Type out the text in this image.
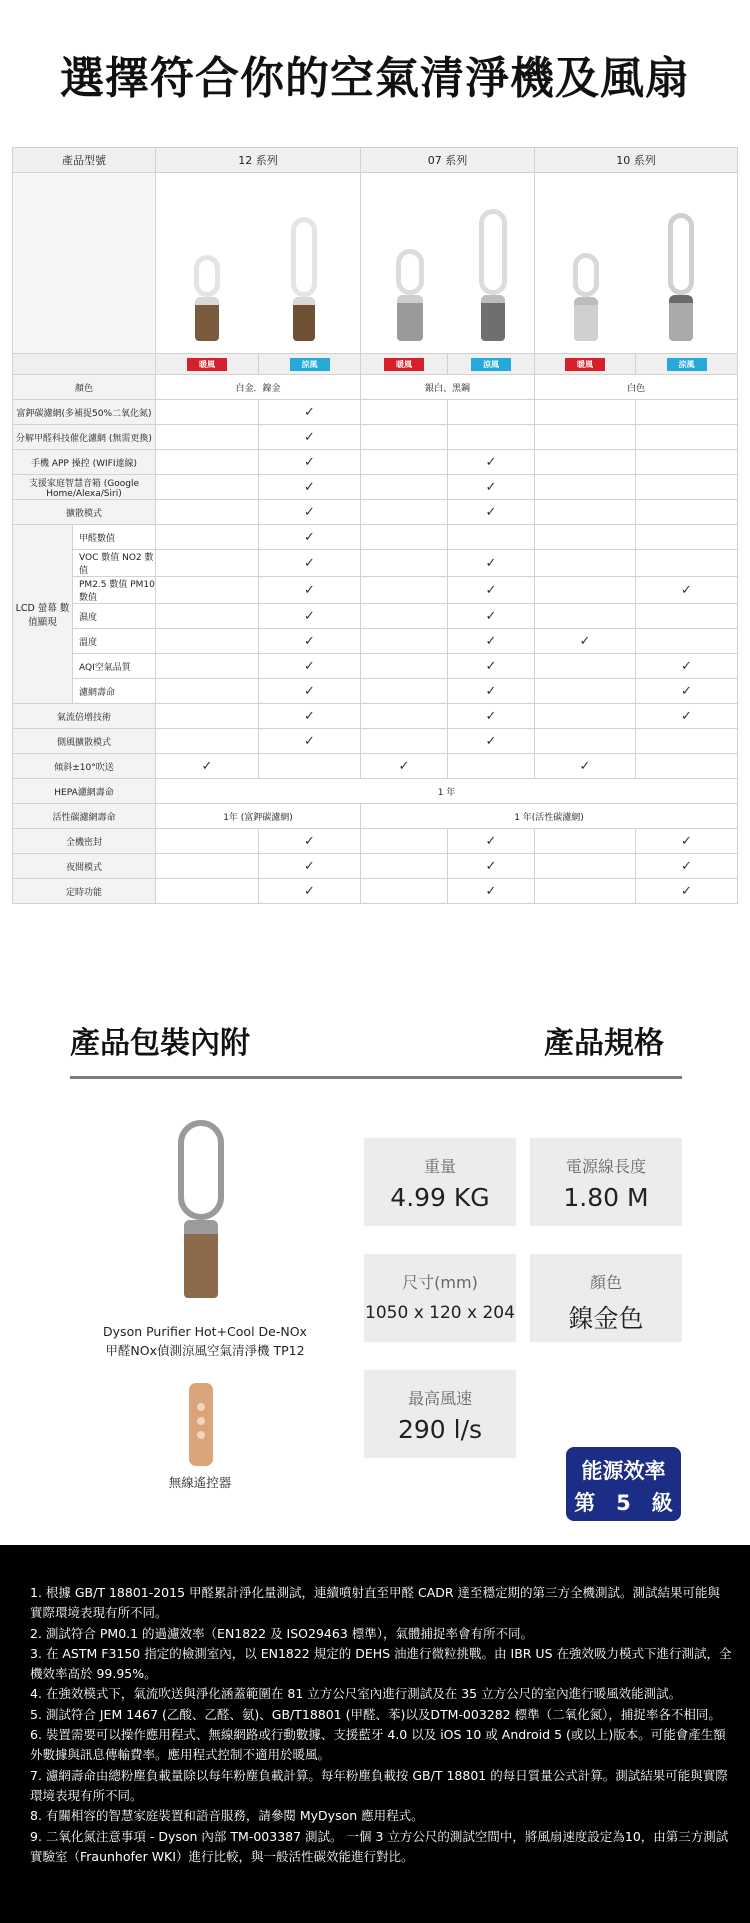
選擇符合你的空氣清淨機及風扇
產品型號		12 系列		07 系列		10 系列	

		暖風	涼風	暖風	涼風	暖風	涼風
顏色		白金．鎳金		銀白、黑鋼		白色	
富鉀碳濾網(多補捉50%二氧化氮)			✓				
分解甲醛科技催化濾網 (無需更換)			✓				
手機 APP 操控 (WIFI連線)			✓		✓		
支援家庭智慧音箱 (Google Home/Alexa/Siri)			✓		✓		
擴散模式			✓		✓		
LCD 螢幕 數值顯現	甲醛數值		✓				
	VOC 數值 NO2 數值		✓		✓		
	PM2.5 數值 PM10 數值		✓		✓		✓
	濕度		✓		✓		
	溫度		✓		✓	✓	
	AQI空氣品質		✓		✓		✓
	濾網壽命		✓		✓		✓
氣流倍增技術			✓		✓		✓
側風擴散模式			✓		✓		
傾斜±10°吹送		✓		✓		✓	
HEPA濾網壽命		1 年					
活性碳濾網壽命		1年 (富鉀碳濾網)		1 年(活性碳濾網)			
全機密封			✓		✓		✓
夜間模式			✓		✓		✓
定時功能			✓		✓		✓
產品包裝內附	產品規格
Dyson Purifier Hot+Cool De-NOx
甲醛NOx偵測涼風空氣清淨機 TP12
無線遙控器
重量
4.99 KG
電源線長度
1.80 M
尺寸(mm)
1050 x 120 x 204
顏色
鎳金色
最高風速
290 l/s
能源效率
第　5　級
1. 根據 GB/T 18801-2015 甲醛累計淨化量測試，連續噴射直至甲醛 CADR 達至穩定期的第三方全機測試。測試結果可能與實際環境表現有所不同。
2. 測試符合 PM0.1 的過濾效率（EN1822 及 ISO29463 標準），氣體捕捉率會有所不同。
3. 在 ASTM F3150 指定的檢測室內，以 EN1822 規定的 DEHS 油進行微粒挑戰。由 IBR US 在強效吸力模式下進行測試，全機效率高於 99.95%。
4. 在強效模式下，氣流吹送與淨化涵蓋範圍在 81 立方公尺室內進行測試及在 35 立方公尺的室內進行暖風效能測試。
5. 測試符合 JEM 1467 (乙酸、乙醛、氨)、GB/T18801 (甲醛、苯)以及DTM-003282 標準（二氧化氮），捕捉率各不相同。
6. 裝置需要可以操作應用程式、無線網路或行動數據、支援藍牙 4.0 以及 iOS 10 或 Android 5 (或以上)版本。可能會產生額外數據與訊息傳輸費率。應用程式控制不適用於暖風。
7. 濾網壽命由總粉塵負載量除以每年粉塵負載計算。每年粉塵負載按 GB/T 18801 的每日質量公式計算。測試結果可能與實際環境表現有所不同。
8. 有關相容的智慧家庭裝置和語音服務，請參閱 MyDyson 應用程式。
9. 二氧化氮注意事項 - Dyson 內部 TM-003387 測試。 一個 3 立方公尺的測試空間中，將風扇速度設定為10，由第三方測試實驗室（Fraunhofer WKI）進行比較，與一般活性碳效能進行對比。
